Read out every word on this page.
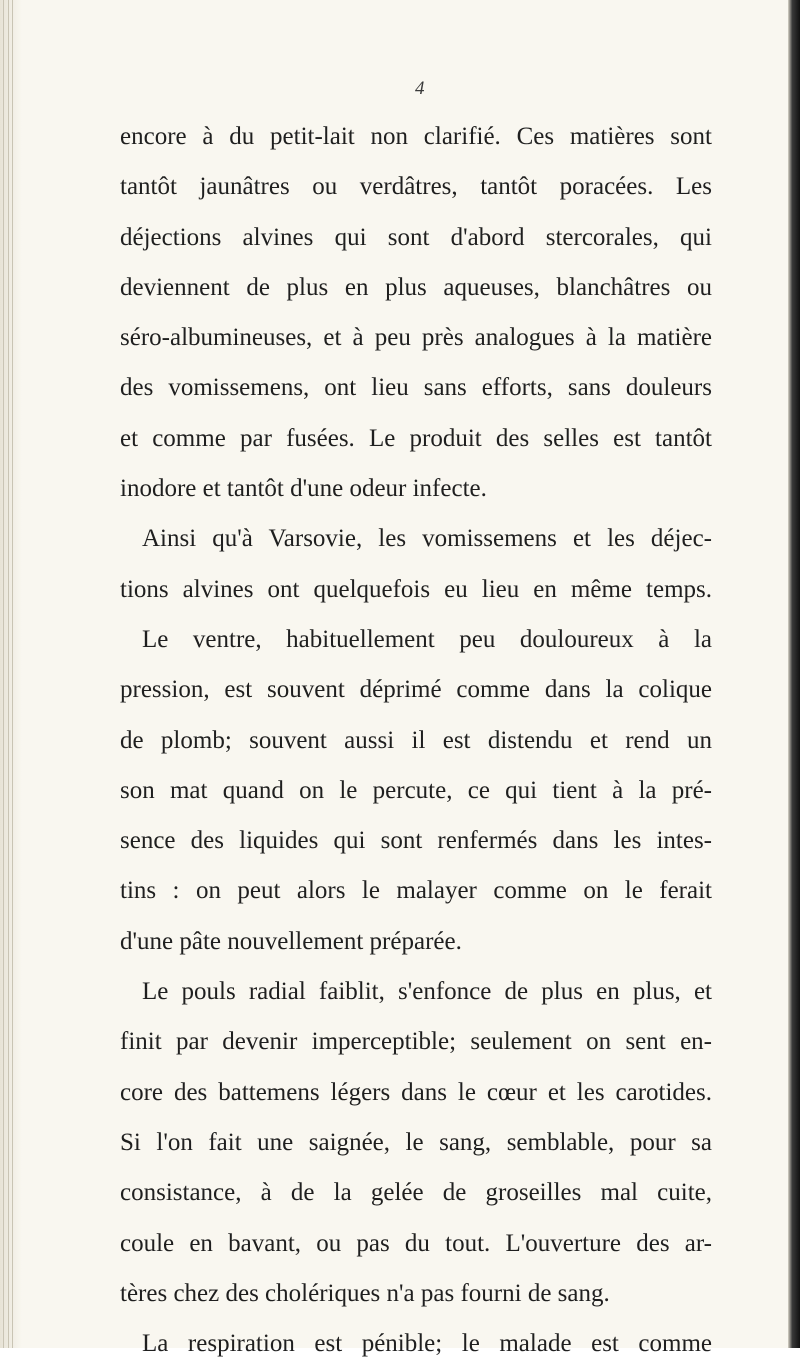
4
encore à du petit-lait non clarifié. Ces matières sont
tantôt jaunâtres ou verdâtres, tantôt poracées. Les
déjections alvines qui sont d'abord stercorales, qui
deviennent de plus en plus aqueuses, blanchâtres ou
séro-albumineuses, et à peu près analogues à la matière
des vomissemens, ont lieu sans efforts, sans douleurs
et comme par fusées. Le produit des selles est tantôt
inodore et tantôt d'une odeur infecte.
Ainsi qu'à Varsovie, les vomissemens et les déjec-
tions alvines ont quelquefois eu lieu en même temps.
Le ventre, habituellement peu douloureux à la
pression, est souvent déprimé comme dans la colique
de plomb; souvent aussi il est distendu et rend un
son mat quand on le percute, ce qui tient à la pré-
sence des liquides qui sont renfermés dans les intes-
tins : on peut alors le malayer comme on le ferait
d'une pâte nouvellement préparée.
Le pouls radial faiblit, s'enfonce de plus en plus, et
finit par devenir imperceptible; seulement on sent en-
core des battemens légers dans le cœur et les carotides.
Si l'on fait une saignée, le sang, semblable, pour sa
consistance, à de la gelée de groseilles mal cuite,
coule en bavant, ou pas du tout. L'ouverture des ar-
tères chez des cholériques n'a pas fourni de sang.
La respiration est pénible; le malade est comme
